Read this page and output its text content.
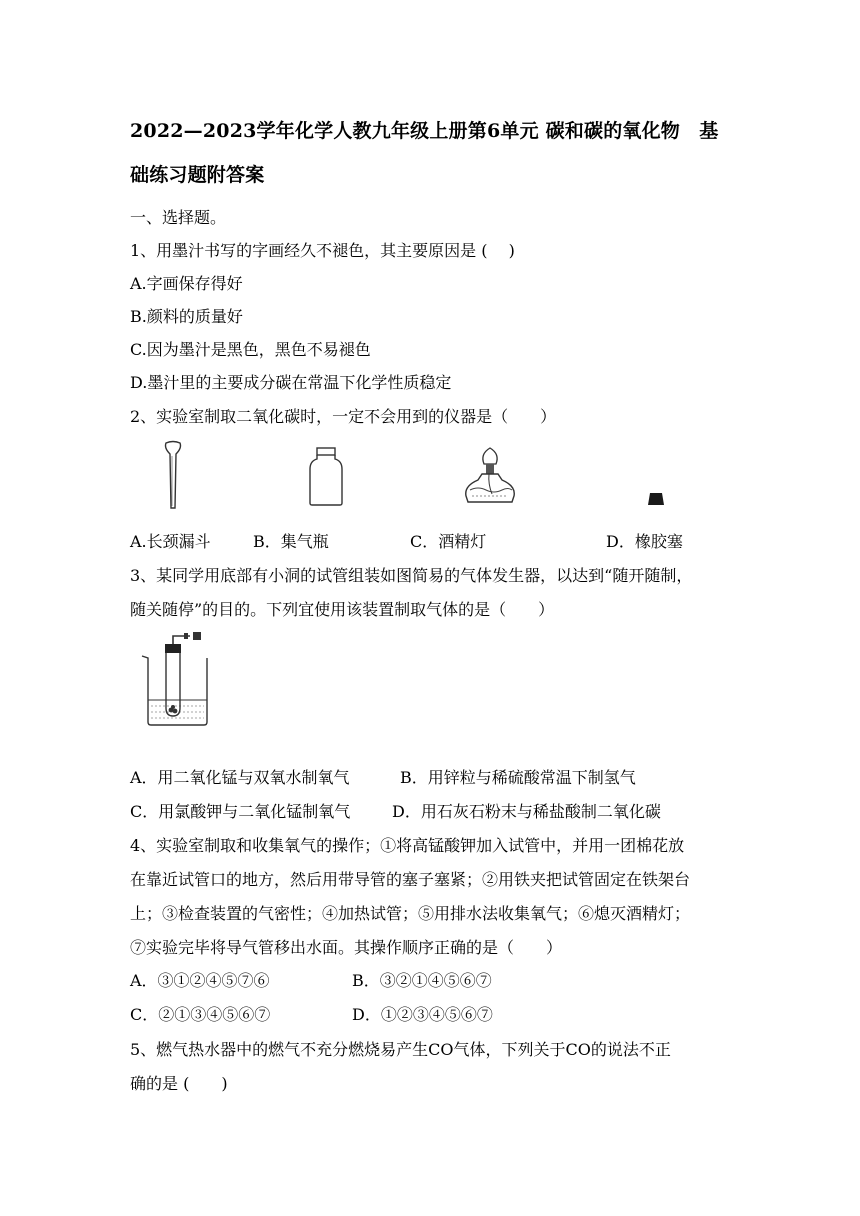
2022—2023学年化学人教九年级上册第6单元 碳和碳的氧化物　基
础练习题附答案
一、选择题。
1、用墨汁书写的字画经久不褪色，其主要原因是 (　 )
A.字画保存得好
B.颜料的质量好
C.因为墨汁是黑色，黑色不易褪色
D.墨汁里的主要成分碳在常温下化学性质稳定
2、实验室制取二氧化碳时，一定不会用到的仪器是（　　）
A.长颈漏斗	B．集气瓶	C．酒精灯	D．橡胶塞
3、某同学用底部有小洞的试管组装如图简易的气体发生器，以达到“随开随制，
随关随停”的目的。下列宜使用该装置制取气体的是（　　）
A．用二氧化锰与双氧水制氧气	B．用锌粒与稀硫酸常温下制氢气
C．用氯酸钾与二氧化锰制氧气	D．用石灰石粉末与稀盐酸制二氧化碳
4、实验室制取和收集氧气的操作；①将高锰酸钾加入试管中，并用一团棉花放
在靠近试管口的地方，然后用带导管的塞子塞紧；②用铁夹把试管固定在铁架台
上；③检查装置的气密性；④加热试管；⑤用排水法收集氧气；⑥熄灭酒精灯；
⑦实验完毕将导气管移出水面。其操作顺序正确的是（　　）
A．③①②④⑤⑦⑥	B．③②①④⑤⑥⑦
C．②①③④⑤⑥⑦	D．①②③④⑤⑥⑦
5、燃气热水器中的燃气不充分燃烧易产生CO气体，下列关于CO的说法不正
确的是 (　　)
